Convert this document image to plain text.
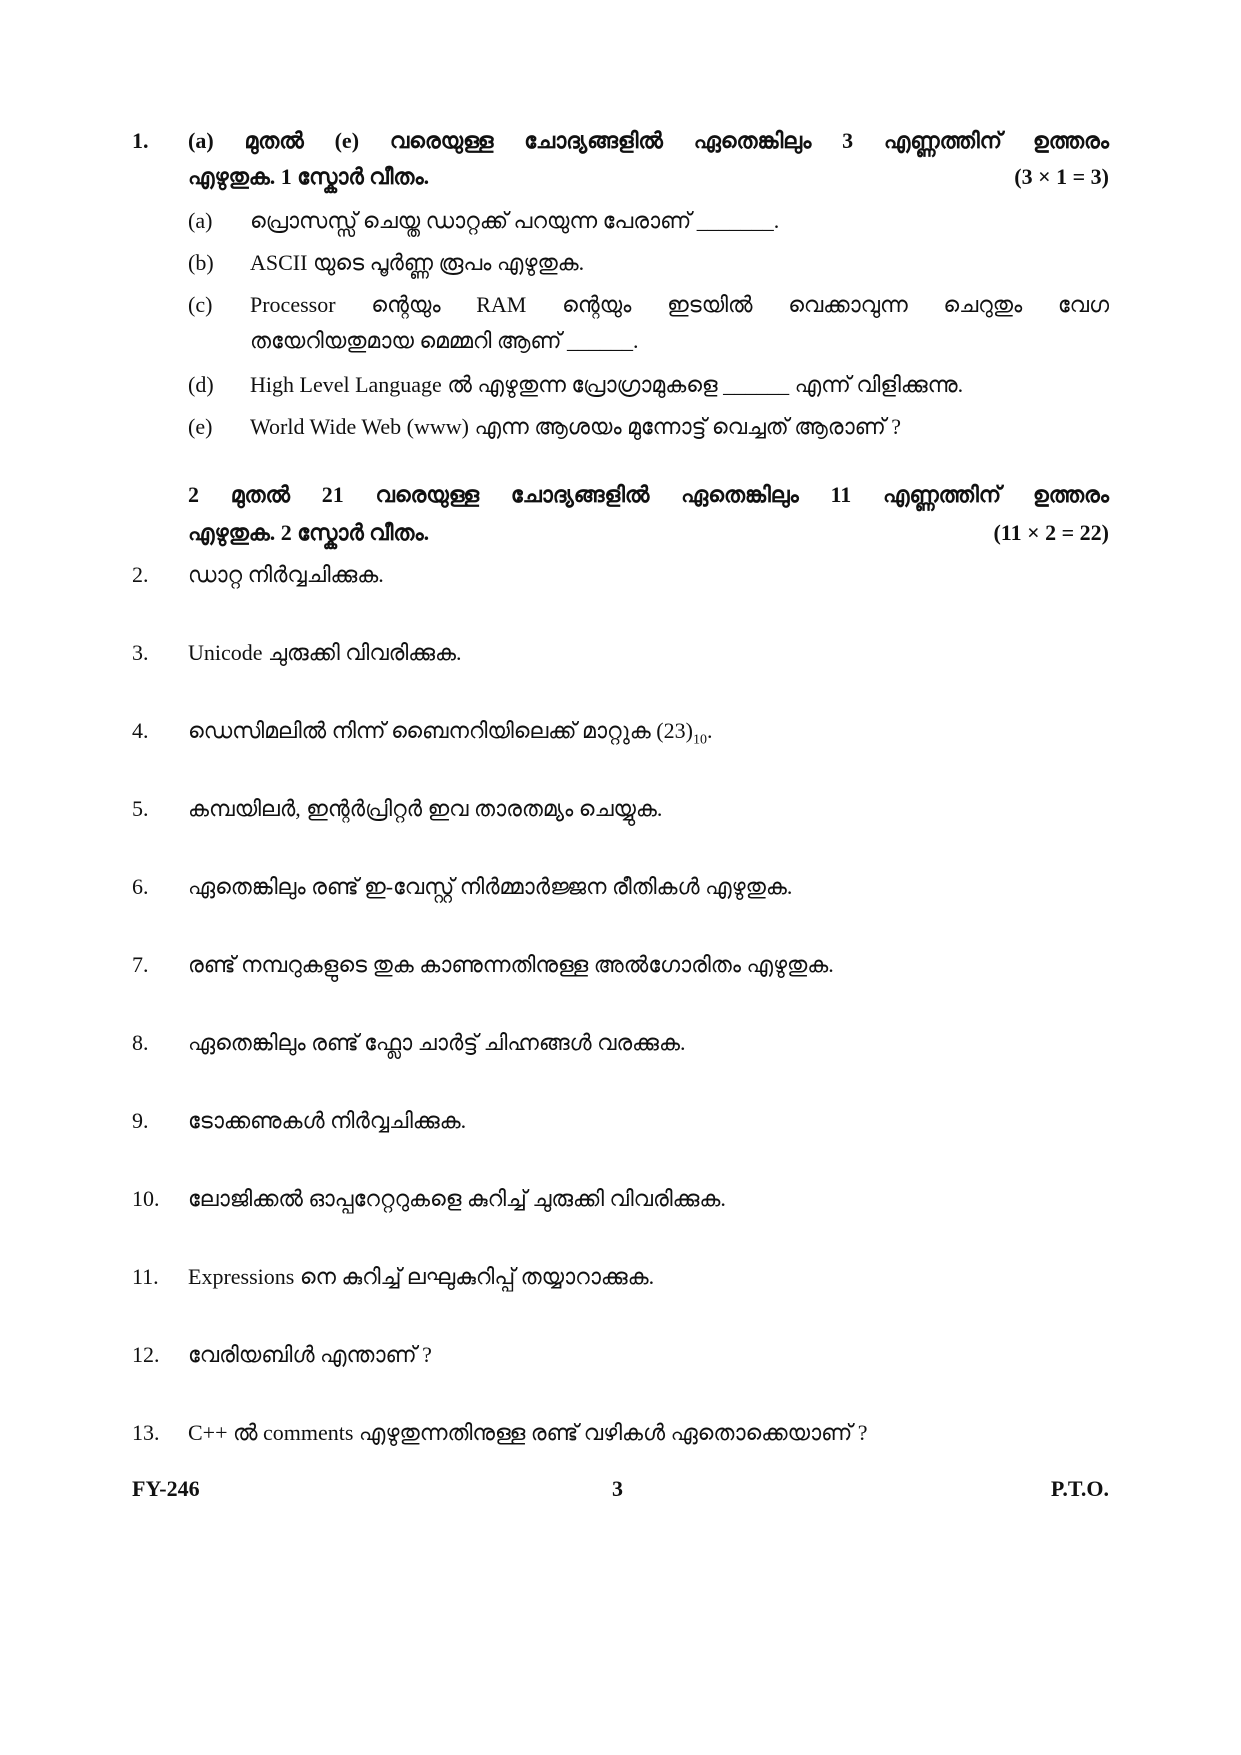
1. (a) മുതൽ (e) വരെയുള്ള ചോദ്യങ്ങളിൽ ഏതെങ്കിലും 3 എണ്ണത്തിന് ഉത്തരം
എഴുതുക. 1 സ്കോർ വീതം.	(3 × 1 = 3)
(a) പ്രൊസസ്സ് ചെയ്ത ഡാറ്റക്ക് പറയുന്ന പേരാണ് _______.
(b) ASCII യുടെ പൂർണ്ണ രൂപം എഴുതുക.
(c) Processor ന്റെയും RAM ന്റെയും ഇടയിൽ വെക്കാവുന്ന ചെറുതും വേഗ
തയേറിയതുമായ മെമ്മറി ആണ് ______.
(d) High Level Language ൽ എഴുതുന്ന പ്രോഗ്രാമുകളെ ______ എന്ന് വിളിക്കുന്നു.
(e) World Wide Web (www) എന്ന ആശയം മുന്നോട്ട് വെച്ചത് ആരാണ് ?
2 മുതൽ 21 വരെയുള്ള ചോദ്യങ്ങളിൽ ഏതെങ്കിലും 11 എണ്ണത്തിന് ഉത്തരം
എഴുതുക. 2 സ്കോർ വീതം.	(11 × 2 = 22)
2. ഡാറ്റ നിർവ്വചിക്കുക.
3. Unicode ചുരുക്കി വിവരിക്കുക.
4. ഡെസിമലിൽ നിന്ന് ബൈനറിയിലെക്ക് മാറ്റുക $(23)_{10}$.
5. കമ്പയിലർ, ഇന്റർപ്രിറ്റർ ഇവ താരതമ്യം ചെയ്യുക.
6. ഏതെങ്കിലും രണ്ട് ഇ-വേസ്റ്റ് നിർമ്മാർജ്ജന രീതികൾ എഴുതുക.
7. രണ്ട് നമ്പറുകളുടെ തുക കാണുന്നതിനുള്ള അൽഗോരിതം എഴുതുക.
8. ഏതെങ്കിലും രണ്ട് ഫ്ലോ ചാർട്ട് ചിഹ്നങ്ങൾ വരക്കുക.
9. ടോക്കണുകൾ നിർവ്വചിക്കുക.
10. ലോജിക്കൽ ഓപ്പറേറ്ററുകളെ കുറിച്ച് ചുരുക്കി വിവരിക്കുക.
11. Expressions നെ കുറിച്ച് ലഘുകുറിപ്പ് തയ്യാറാക്കുക.
12. വേരിയബിൾ എന്താണ് ?
13. C++ ൽ comments എഴുതുന്നതിനുള്ള രണ്ട് വഴികൾ ഏതൊക്കെയാണ് ?
FY-246	3	P.T.O.
